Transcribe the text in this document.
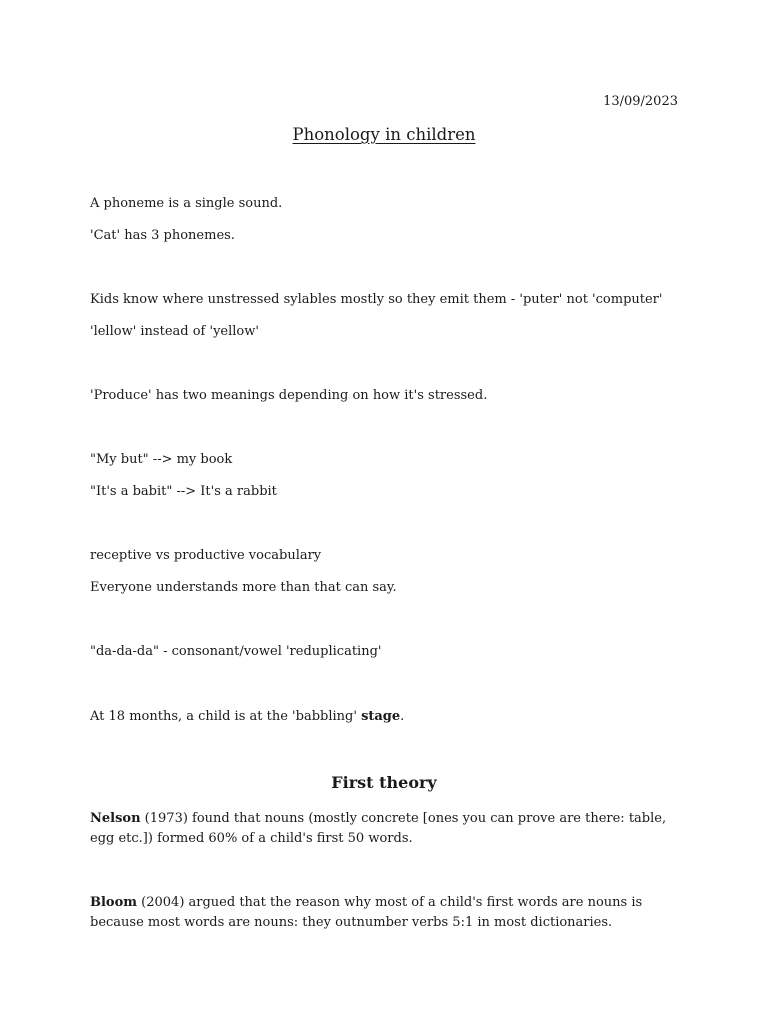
13/09/2023
Phonology in children
A phoneme is a single sound.
'Cat' has 3 phonemes.
Kids know where unstressed sylables mostly so they emit them - 'puter' not 'computer'
'lellow' instead of 'yellow'
'Produce' has two meanings depending on how it's stressed.
"My but" --> my book
"It's a babit" --> It's a rabbit
receptive vs productive vocabulary
Everyone understands more than that can say.
"da-da-da" - consonant/vowel 'reduplicating'
At 18 months, a child is at the 'babbling' stage.
First theory
Nelson (1973) found that nouns (mostly concrete [ones you can prove are there: table, egg etc.]) formed 60% of a child's first 50 words.
Bloom (2004) argued that the reason why most of a child's first words are nouns is because most words are nouns: they outnumber verbs 5:1 in most dictionaries.
